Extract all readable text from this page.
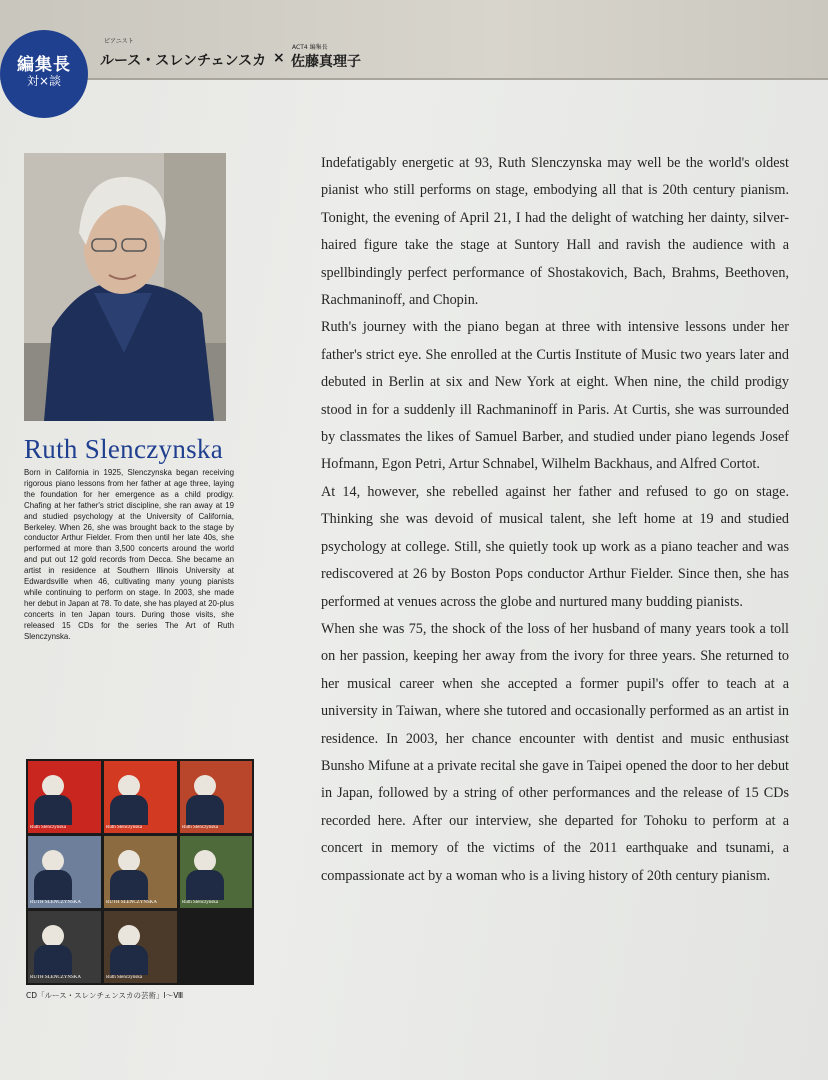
ピアニスト
ルース・スレンチェンスカ ×
ACT4 編集長
佐藤真理子
編集長
対×談
Ruth Slenczynska
Born in California in 1925, Slenczynska began receiving rigorous piano lessons from her father at age three, laying the foundation for her emergence as a child prodigy. Chafing at her father's strict discipline, she ran away at 19 and studied psychology at the University of California, Berkeley. When 26, she was brought back to the stage by conductor Arthur Fielder. From then until her late 40s, she performed at more than 3,500 concerts around the world and put out 12 gold records from Decca. She became an artist in residence at Southern Illinois University at Edwardsville when 46, cultivating many young pianists while continuing to perform on stage. In 2003, she made her debut in Japan at 78. To date, she has played at 20-plus concerts in ten Japan tours. During those visits, she released 15 CDs for the series The Art of Ruth Slenczynska.
Ruth Slenczynska	Ruth Slenczynska	Ruth Slenczynska
RUTH SLENCZYNSKA	RUTH SLENCZYNSKA	Ruth Slenczynska
RUTH SLENCZYNSKA	Ruth Slenczynska
CD「ルース・スレンチェンスカの芸術」Ⅰ～Ⅷ

Indefatigably energetic at 93, Ruth Slenczynska may well be the world's oldest pianist who still performs on stage, embodying all that is 20th century pianism. Tonight, the evening of April 21, I had the delight of watching her dainty, silver-haired figure take the stage at Suntory Hall and ravish the audience with a spellbindingly perfect performance of Shostakovich, Bach, Brahms, Beethoven, Rachmaninoff, and Chopin.

Ruth's journey with the piano began at three with intensive lessons under her father's strict eye. She enrolled at the Curtis Institute of Music two years later and debuted in Berlin at six and New York at eight. When nine, the child prodigy stood in for a suddenly ill Rachmaninoff in Paris. At Curtis, she was surrounded by classmates the likes of Samuel Barber, and studied under piano legends Josef Hofmann, Egon Petri, Artur Schnabel, Wilhelm Backhaus, and Alfred Cortot.

At 14, however, she rebelled against her father and refused to go on stage. Thinking she was devoid of musical talent, she left home at 19 and studied psychology at college. Still, she quietly took up work as a piano teacher and was rediscovered at 26 by Boston Pops conductor Arthur Fielder. Since then, she has performed at venues across the globe and nurtured many budding pianists.

When she was 75, the shock of the loss of her husband of many years took a toll on her passion, keeping her away from the ivory for three years. She returned to her musical career when she accepted a former pupil's offer to teach at a university in Taiwan, where she tutored and occasionally performed as an artist in residence. In 2003, her chance encounter with dentist and music enthusiast Bunsho Mifune at a private recital she gave in Taipei opened the door to her debut in Japan, followed by a string of other performances and the release of 15 CDs recorded here. After our interview, she departed for Tohoku to perform at a concert in memory of the victims of the 2011 earthquake and tsunami, a compassionate act by a woman who is a living history of 20th century pianism.
